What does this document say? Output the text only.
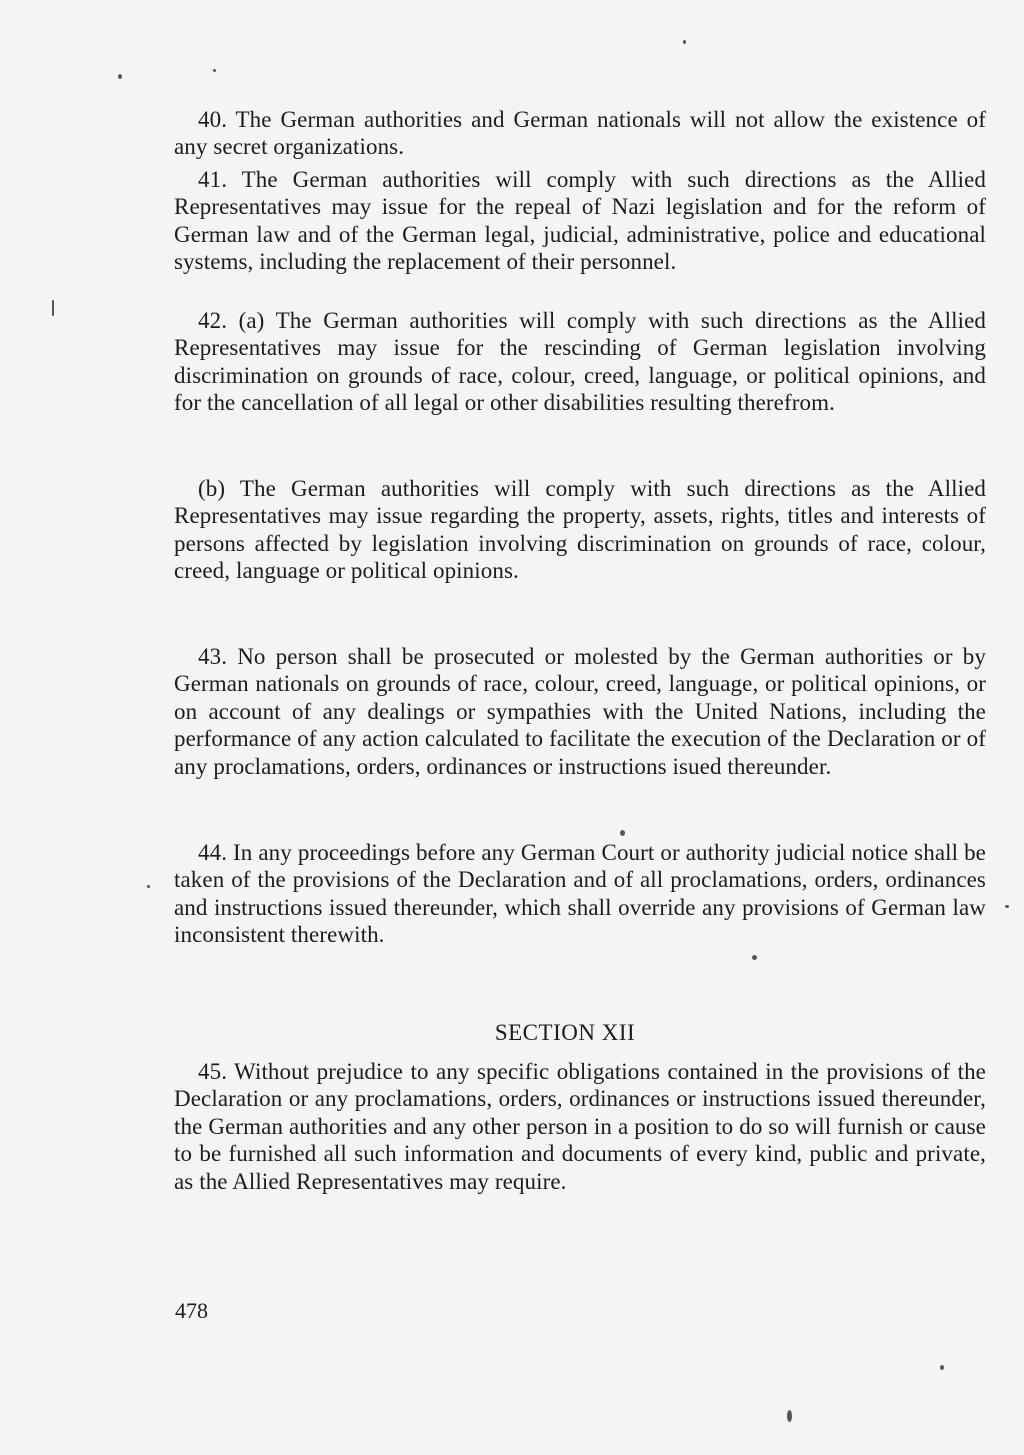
40. The German authorities and German nationals will not allow the existence of any secret organizations.

41. The German authorities will comply with such directions as the Allied Representatives may issue for the repeal of Nazi legislation and for the reform of German law and of the German legal, judicial, administrative, police and educational systems, including the replacement of their personnel.

42. (a) The German authorities will comply with such directions as the Allied Representatives may issue for the rescinding of German legislation involving discrimination on grounds of race, colour, creed, language, or political opinions, and for the cancellation of all legal or other disabilities resulting therefrom.

(b) The German authorities will comply with such directions as the Allied Representatives may issue regarding the property, assets, rights, titles and interests of persons affected by legislation involving discrimination on grounds of race, colour, creed, language or political opinions.

43. No person shall be prosecuted or molested by the German authorities or by German nationals on grounds of race, colour, creed, language, or political opinions, or on account of any dealings or sympathies with the United Nations, including the performance of any action calculated to facilitate the execution of the Declaration or of any proclamations, orders, ordinances or instructions isued thereunder.

44. In any proceedings before any German Court or authority judicial notice shall be taken of the provisions of the Declaration and of all proclamations, orders, ordinances and instructions issued thereunder, which shall override any provisions of German law inconsistent therewith.

SECTION XII

45. Without prejudice to any specific obligations contained in the provisions of the Declaration or any proclamations, orders, ordinances or instructions issued thereunder, the German authorities and any other person in a position to do so will furnish or cause to be furnished all such information and documents of every kind, public and private, as the Allied Representatives may require.

478
